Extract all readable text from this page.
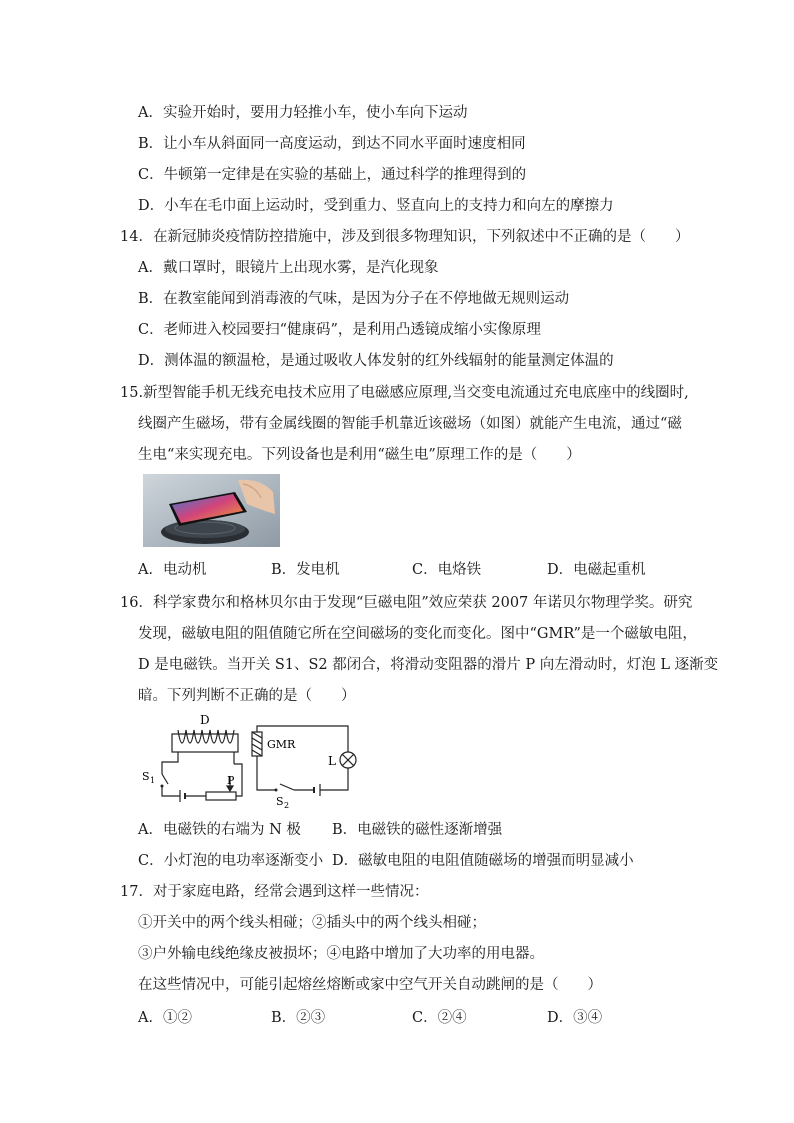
A．实验开始时，要用力轻推小车，使小车向下运动
B．让小车从斜面同一高度运动，到达不同水平面时速度相同
C．牛顿第一定律是在实验的基础上，通过科学的推理得到的
D．小车在毛巾面上运动时，受到重力、竖直向上的支持力和向左的摩擦力
14．在新冠肺炎疫情防控措施中，涉及到很多物理知识，下列叙述中不正确的是（　　）
A．戴口罩时，眼镜片上出现水雾，是汽化现象
B．在教室能闻到消毒液的气味，是因为分子在不停地做无规则运动
C．老师进入校园要扫“健康码”，是利用凸透镜成缩小实像原理
D．测体温的额温枪，是通过吸收人体发射的红外线辐射的能量测定体温的
15.新型智能手机无线充电技术应用了电磁感应原理,当交变电流通过充电底座中的线圈时,
线圈产生磁场，带有金属线圈的智能手机靠近该磁场（如图）就能产生电流，通过“磁
生电“来实现充电。下列设备也是利用“磁生电”原理工作的是（　　）
A．电动机	B．发电机	C．电烙铁	D．电磁起重机
16．科学家费尔和格林贝尔由于发现“巨磁电阻”效应荣获 2007 年诺贝尔物理学奖。研究
发现，磁敏电阻的阻值随它所在空间磁场的变化而变化。图中“GMR”是一个磁敏电阻，
D 是电磁铁。当开关 S1、S2 都闭合，将滑动变阻器的滑片 P 向左滑动时，灯泡 L 逐渐变
暗。下列判断不正确的是（　　）
D
GMR
L
S 1	P
S 2
A．电磁铁的右端为 N 极 B．电磁铁的磁性逐渐增强
C．小灯泡的电功率逐渐变小 D．磁敏电阻的电阻值随磁场的增强而明显减小
17．对于家庭电路，经常会遇到这样一些情况：
①开关中的两个线头相碰；②插头中的两个线头相碰；
③户外输电线绝缘皮被损坏；④电路中增加了大功率的用电器。
在这些情况中，可能引起熔丝熔断或家中空气开关自动跳闸的是（　　）
A．①②	B．②③	C．②④	D．③④
